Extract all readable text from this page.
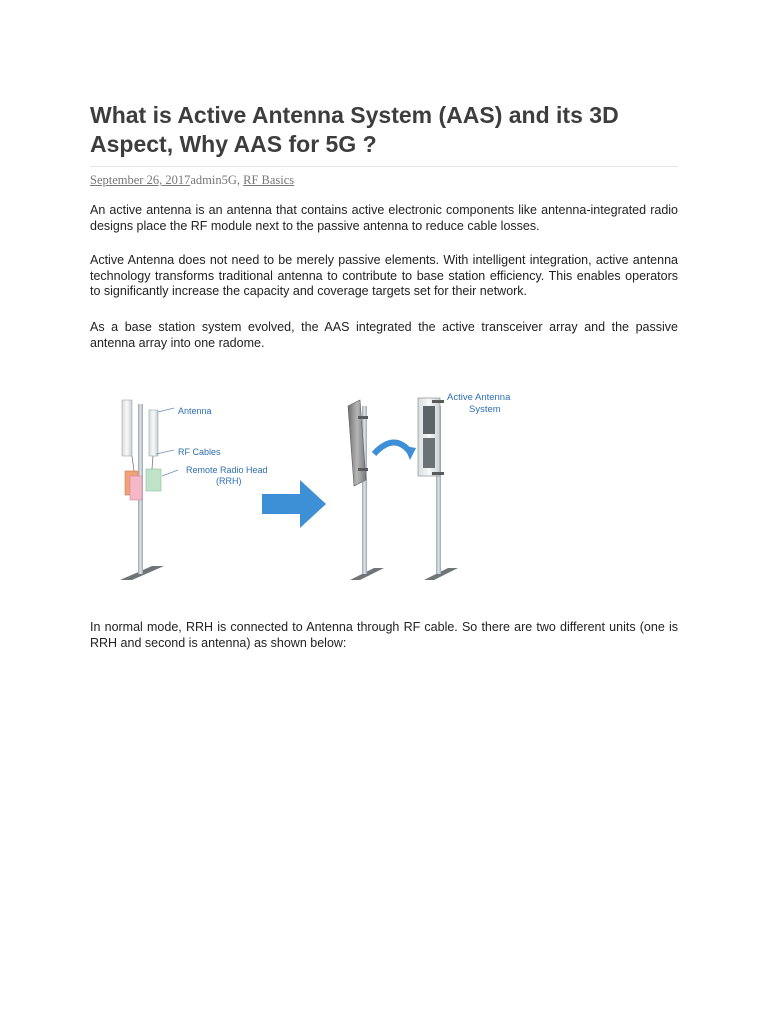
What is Active Antenna System (AAS) and its 3D Aspect, Why AAS for 5G ?
September 26, 2017admin5G, RF Basics

An active antenna is an antenna that contains active electronic components like antenna-integrated radio designs place the RF module next to the passive antenna to reduce cable losses.

Active Antenna does not need to be merely passive elements. With intelligent integration, active antenna technology transforms traditional antenna to contribute to base station efficiency. This enables operators to significantly increase the capacity and coverage targets set for their network.

As a base station system evolved, the AAS integrated the active transceiver array and the passive antenna array into one radome.

In normal mode, RRH is connected to Antenna through RF cable. So there are two different units (one is RRH and second is antenna) as shown below:

Antenna
RF Cables
Remote Radio Head
(RRH)
Active Antenna
System
